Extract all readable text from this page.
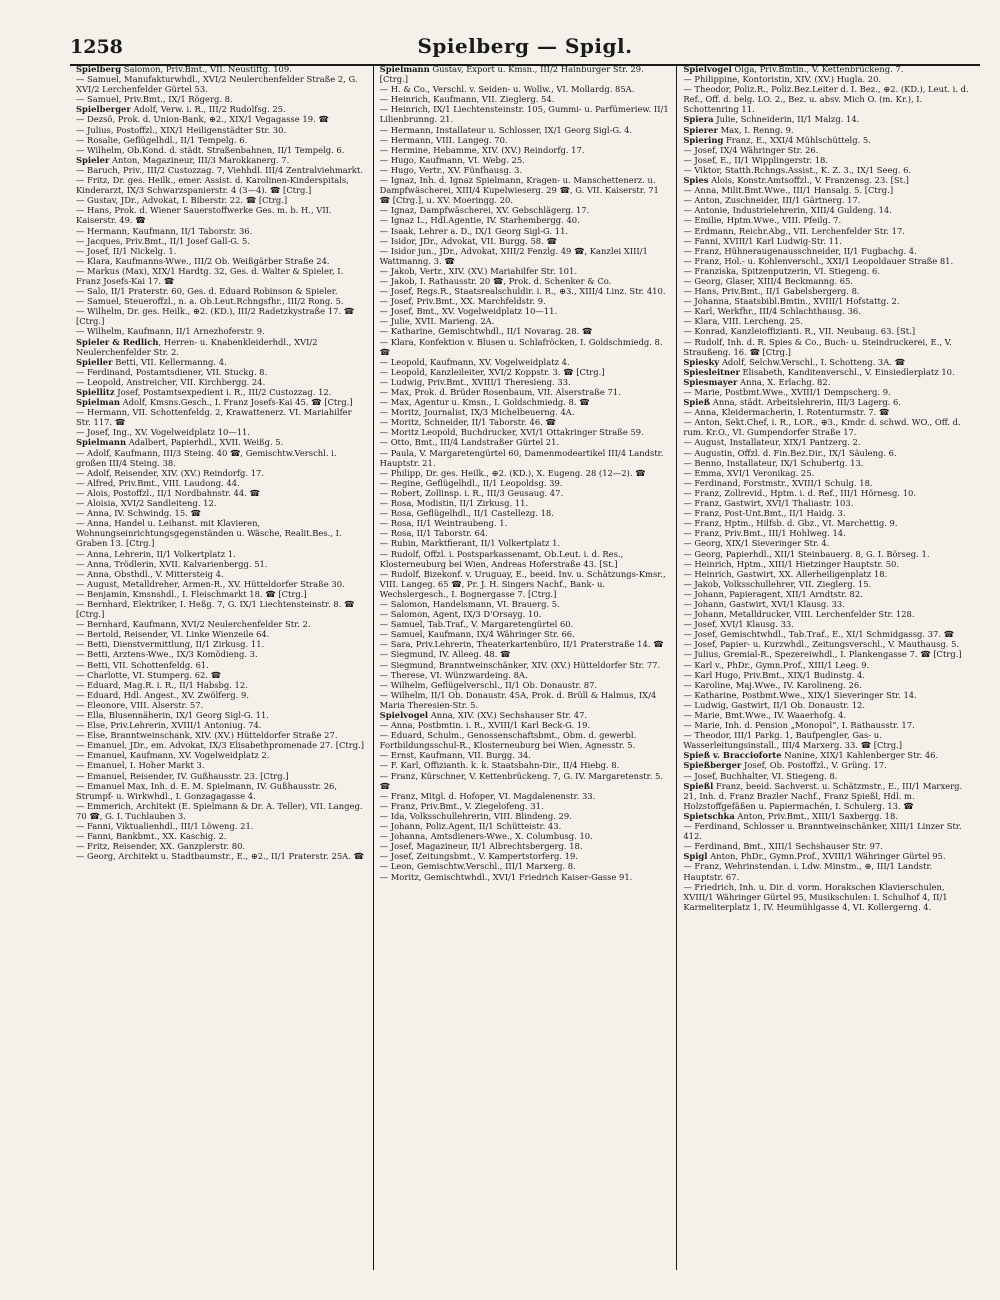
1258	Spielberg — Spigl.

Spielberg Salomon, Priv.Bmt., VII. Neustiftg. 109.

— Samuel, Manufakturwhdl., XVI/2 Neulerchenfelder Straße 2, G. XVI/2 Lerchenfelder Gürtel 53.

— Samuel, Priv.Bmt., IX/1 Rögerg. 8.

Spielberger Adolf, Verw. i. R., III/2 Rudolfsg. 25.

— Dezsö, Prok. d. Union-Bank, ⊕2., XIX/1 Vegagasse 19. ☎

— Julius, Postoffzl., XIX/1 Heiligenstädter Str. 30.

— Rosalie, Geflügelhdl., II/1 Tempelg. 6.

— Wilhelm, Ob.Kond. d. städt. Straßenbahnen, II/1 Tempelg. 6.

Spieler Anton, Magazineur, III/3 Marokkanerg. 7.

— Baruch, Priv., III/2 Custozzag. 7, Viehhdl. III/4 Zentralviehmarkt.

— Fritz, Dr. ges. Heilk., emer. Assist. d. Karolinen-Kinderspitals, Kinderarzt, IX/3 Schwarzspanierstr. 4 (3—4). ☎ [Ctrg.]

— Gustav, JDr., Advokat, I. Biberstr. 22. ☎ [Ctrg.]

— Hans, Prok. d. Wiener Sauerstoffwerke Ges. m. b. H., VII. Kaiserstr. 49. ☎

— Hermann, Kaufmann, II/1 Taborstr. 36.

— Jacques, Priv.Bmt., II/1 Josef Gall-G. 5.

— Josef, II/1 Nickelg. 1.

— Klara, Kaufmanns-Wwe., III/2 Ob. Weißgärber Straße 24.

— Markus (Max), XIX/1 Hardtg. 32, Ges. d. Walter & Spieler, I. Franz Josefs-Kai 17. ☎

— Salo, II/1 Praterstr. 60, Ges. d. Eduard Robinson & Spieler.

— Samuel, Steueroffzl., n. a. Ob.Leut.Rchngsfhr., III/2 Rong. 5.

— Wilhelm, Dr. ges. Heilk., ⊕2. (KD.), III/2 Radetzkystraße 17. ☎ [Ctrg.]

— Wilhelm, Kaufmann, II/1 Arnezhoferstr. 9.

Spieler & Redlich, Herren- u. Knabenkleiderhdl., XVI/2 Neulerchenfelder Str. 2.

Spieller Betti, VII. Kellermanng. 4.

— Ferdinand, Postamtsdiener, VII. Stuckg. 8.

— Leopold, Anstreicher, VII. Kirchbergg. 24.

Spiellitz Josef, Postamtsexpedient i. R., III/2 Custozzag. 12.

Spielman Adolf, Kmsns.Gesch., I. Franz Josefs-Kai 45. ☎ [Ctrg.]

— Hermann, VII. Schottenfeldg. 2, Krawattenerz. VI. Mariahilfer Str. 117. ☎

— Josef, Ing., XV. Vogelweidplatz 10—11.

Spielmann Adalbert, Papierhdl., XVII. Weißg. 5.

— Adolf, Kaufmann, III/3 Steing. 40 ☎, Gemischtw.Verschl. i. großen III/4 Steing. 38.

— Adolf, Reisender, XIV. (XV.) Reindorfg. 17.

— Alfred, Priv.Bmt., VIII. Laudong. 44.

— Alois, Postoffzl., II/1 Nordbahnstr. 44. ☎

— Aloisia, XVI/2 Sandleiteng. 12.

— Anna, IV. Schwindg. 15. ☎

— Anna, Handel u. Leihanst. mit Klavieren, Wohnungseinrichtungsgegenständen u. Wäsche, Realit.Bes., I. Graben 13. [Ctrg.]

— Anna, Lehrerin, II/1 Volkertplatz 1.

— Anna, Trödlerin, XVII. Kalvarienbergg. 51.

— Anna, Obsthdl., V. Mittersteig 4.

— August, Metalldreher, Armen-R., XV. Hütteldorfer Straße 30.

— Benjamin, Kmsnshdl., I. Fleischmarkt 18. ☎ [Ctrg.]

— Bernhard, Elektriker, I. Heßg. 7, G. IX/1 Liechtensteinstr. 8. ☎ [Ctrg.]

— Bernhard, Kaufmann, XVI/2 Neulerchenfelder Str. 2.

— Bertold, Reisender, VI. Linke Wienzeile 64.

— Betti, Dienstvermittlung, II/1 Zirkusg. 11.

— Betti, Arztens-Wwe., IX/3 Komödieng. 3.

— Betti, VII. Schottenfeldg. 61.

— Charlotte, VI. Stumperg. 62. ☎

— Eduard, Mag.R. i. R., II/1 Habsbg. 12.

— Eduard, Hdl. Angest., XV. Zwölferg. 9.

— Eleonore, VIII. Alserstr. 57.

— Ella, Blusennäherin, IX/1 Georg Sigl-G. 11.

— Else, Priv.Lehrerin, XVIII/1 Antoniug. 74.

— Else, Branntweinschank, XIV. (XV.) Hütteldorfer Straße 27.

— Emanuel, JDr., em. Advokat, IX/3 Elisabethpromenade 27. [Ctrg.]

— Emanuel, Kaufmann, XV. Vogelweidplatz 2.

— Emanuel, I. Hoher Markt 3.

— Emanuel, Reisender, IV. Gußhausstr. 23. [Ctrg.]

— Emanuel Max, Inh. d. E. M. Spielmann, IV. Gußhausstr. 26, Strumpf- u. Wirkwhdl., I. Gonzagagasse 4.

— Emmerich, Architekt (E. Spielmann & Dr. A. Teller), VII. Langeg. 70 ☎, G. I. Tuchlauben 3.

— Fanni, Viktualienhdl., III/1 Löweng. 21.

— Fanni, Bankbmt., XX. Kaschig. 2.

— Fritz, Reisender, XX. Ganzplerstr. 80.

— Georg, Architekt u. Stadtbaumstr., E., ⊕2., II/1 Praterstr. 25A. ☎

Spielmann Gustav, Export u. Kmsn., III/2 Hainburger Str. 29. [Ctrg.]

— H. & Co., Verschl. v. Seiden- u. Wollw., VI. Mollardg. 85A.

— Heinrich, Kaufmann, VII. Zieglerg. 54.

— Heinrich, IX/1 Liechtensteinstr. 105, Gummi- u. Parfümeriew. II/1 Lilienbrunng. 21.

— Hermann, Installateur u. Schlosser, IX/1 Georg Sigl-G. 4.

— Hermann, VIII. Langeg. 70.

— Hermine, Hebamme, XIV. (XV.) Reindorfg. 17.

— Hugo, Kaufmann, VI. Webg. 25.

— Hugo, Vertr., XV. Fünfhausg. 3.

— Ignaz, Inh. d. Ignaz Spielmann, Kragen- u. Manschettenerz. u. Dampfwäscherei, XIII/4 Kupelwieserg. 29 ☎, G. VII. Kaiserstr. 71 ☎ [Ctrg.], u. XV. Moeringg. 20.

— Ignaz, Dampfwäscherei, XV. Gebschlägerg. 17.

— Ignaz L., Hdl.Agentie, IV. Starhembergg. 40.

— Isaak, Lehrer a. D., IX/1 Georg Sigl-G. 11.

— Isidor, JDr., Advokat, VII. Burgg. 58. ☎

— Isidor jun., JDr., Advokat, XIII/2 Fenzlg. 49 ☎, Kanzlei XIII/1 Wattmanng. 3. ☎

— Jakob, Vertr., XIV. (XV.) Mariahilfer Str. 101.

— Jakob, I. Rathausstr. 20 ☎, Prok. d. Schenker & Co.

— Josef, Regs.R., Staatsrealschuldir. i. R., ⊕3., XIII/4 Linz. Str. 410.

— Josef, Priv.Bmt., XX. Marchfeldstr. 9.

— Josef, Bmt., XV. Vogelweidplatz 10—11.

— Julie, XVII. Marieng. 2A.

— Katharine, Gemischtwhdl., II/1 Novarag. 28. ☎

— Klara, Konfektion v. Blusen u. Schlafröcken, I. Goldschmiedg. 8. ☎

— Leopold, Kaufmann, XV. Vogelweidplatz 4.

— Leopold, Kanzleileiter, XVI/2 Koppstr. 3. ☎ [Ctrg.]

— Ludwig, Priv.Bmt., XVIII/1 Theresieng. 33.

— Max, Prok. d. Brüder Rosenbaum, VII. Alserstraße 71.

— Max, Agentur u. Kmsn., I. Goldschmiedg. 8. ☎

— Moritz, Journalist, IX/3 Michelbeuerng. 4A.

— Moritz, Schneider, II/1 Taborstr. 46. ☎

— Moritz Leopold, Buchdrucker, XVI/1 Ottakringer Straße 59.

— Otto, Bmt., III/4 Landstraßer Gürtel 21.

— Paula, V. Margaretengürtel 60, Damenmodeartikel III/4 Landstr. Hauptstr. 21.

— Philipp, Dr. ges. Heilk., ⊕2. (KD.), X. Eugeng. 28 (12—2). ☎

— Regine, Geflügelhdl., II/1 Leopoldsg. 39.

— Robert, Zollinsp. i. R., III/3 Geusaug. 47.

— Rosa, Modistin, II/1 Zirkusg. 11.

— Rosa, Geflügelhdl., II/1 Castellezg. 18.

— Rosa, II/1 Weintraubeng. 1.

— Rosa, II/1 Taborstr. 64.

— Rubin, Marktfierant, II/1 Volkertplatz 1.

— Rudolf, Offzl. i. Postsparkassenamt, Ob.Leut. i. d. Res., Klosterneuburg bei Wien, Andreas Hoferstraße 43. [St.]

— Rudolf, Bizekonf. v. Uruguay, E., beeid. Inv. u. Schätzungs-Kmsr., VIII. Langeg. 65 ☎, Pr. J. H. Singers Nachf., Bank- u. Wechslergesch., I. Bognergasse 7. [Ctrg.]

— Salomon, Handelsmann, VI. Brauerg. 5.

— Salomon, Agent, IX/3 D'Orsayg. 10.

— Samuel, Tab.Traf., V. Margaretengürtel 60.

— Samuel, Kaufmann, IX/4 Währinger Str. 66.

— Sara, Priv.Lehrerin, Theaterkartenbüro, II/1 Praterstraße 14. ☎

— Siegmund, IV. Alleeg. 48. ☎

— Siegmund, Branntweinschänker, XIV. (XV.) Hütteldorfer Str. 77.

— Therese, VI. Wünzwardeing. 8A.

— Wilhelm, Geflügelverschl., II/1 Ob. Donaustr. 87.

— Wilhelm, II/1 Ob. Donaustr. 45A, Prok. d. Brüll & Halmus, IX/4 Maria Theresien-Str. 5.

Spielvogel Anna, XIV. (XV.) Sechshauser Str. 47.

— Anna, Postbmtin. i. R., XVIII/1 Karl Beck-G. 19.

— Eduard, Schulm., Genossenschaftsbmt., Obm. d. gewerbl. Fortbildungsschul-R., Klosterneuburg bei Wien, Agnesstr. 5.

— Ernst, Kaufmann, VII. Burgg. 34.

— F. Karl, Offizianth. k. k. Staatsbahn-Dir., II/4 Hiebg. 8.

— Franz, Kürschner, V. Kettenbrückeng. 7, G. IV. Margaretenstr. 5. ☎

— Franz, Mitgl. d. Hofoper, VI. Magdalenenstr. 33.

— Franz, Priv.Bmt., V. Ziegelofeng. 31.

— Ida, Volksschullehrerin, VIII. Blindeng. 29.

— Johann, Poliz.Agent, II/1 Schütteistr. 43.

— Johanna, Amtsdieners-Wwe., X. Columbusg. 10.

— Josef, Magazineur, II/1 Albrechtsbergerg. 18.

— Josef, Zeitungsbmt., V. Kampertstorferg. 19.

— Leon, Gemischtw.Verschl., III/1 Marxerg. 8.

— Moritz, Gemischtwhdl., XVI/1 Friedrich Kaiser-Gasse 91.

Spielvogel Olga, Priv.Bmtin., V. Kettenbrückeng. 7.

— Philippine, Kontoristin, XIV. (XV.) Hugla. 20.

— Theodor, Poliz.R., Poliz.Bez.Leiter d. I. Bez., ⊕2. (KD.), Leut. i. d. Ref., Off. d. belg. LO. 2., Bez. u. absv. Mich O. (m. Kr.), I. Schottenring 11.

Spiera Julie, Schneiderin, II/1 Malzg. 14.

Spierer Max, I. Renng. 9.

Spiering Franz, E., XXI/4 Mühlschüttelg. 5.

— Josef, IX/4 Währinger Str. 26.

— Josef, E., II/1 Wipplingerstr. 18.

— Viktor, Statth.Rchngs.Assist., K. Z. 3., IX/1 Seeg. 6.

Spies Alois, Konstr.Amtsoffzl., V. Franzensg. 23. [St.]

— Anna, Milit.Bmt.Wwe., III/1 Hansalg. 5. [Ctrg.]

— Anton, Zuschneider, III/1 Gärtnerg. 17.

— Antonie, Industrielehrerin, XIII/4 Guldeng. 14.

— Emilie, Hptm.Wwe., VIII. Pfeilg. 7.

— Erdmann, Reichr.Abg., VII. Lerchenfelder Str. 17.

— Fanni, XVIII/1 Karl Ludwig-Str. 11.

— Franz, Hühneraugenausschneider, II/1 Fugbachg. 4.

— Franz, Hol.- u. Kohlenverschl., XXI/1 Leopoldauer Straße 81.

— Franziska, Spitzenputzerin, VI. Stiegeng. 6.

— Georg, Glaser, XIII/4 Beckmanng. 65.

— Hans, Priv.Bmt., II/1 Gabelsbergerg. 8.

— Johanna, Staatsbibl.Bmtin., XVIII/1 Hofstattg. 2.

— Karl, Werkfhr., III/4 Schlachthausg. 36.

— Klara, VIII. Lercheng. 25.

— Konrad, Kanzleioffizianti. R., VII. Neubaug. 63. [St.]

— Rudolf, Inh. d. R. Spies & Co., Buch- u. Steindruckerei, E., V. Straußeng. 16. ☎ [Ctrg.]

Spiesky Adolf, Selchw.Verschl., I. Schotteng. 3A. ☎

Spiesleitner Elisabeth, Kanditenverschl., V. Einsiedlerplatz 10.

Spiesmayer Anna, X. Erlachg. 82.

— Marie, Postbmt.Wwe., XVIII/1 Dempscherg. 9.

Spieß Anna, städt. Arbeitslehrerin, III/3 Lagerg. 6.

— Anna, Kleidermacherin, I. Rotenturmstr. 7. ☎

— Anton, Sekt.Chef, i. R., LOR., ⊕3., Kmdr. d. schwd. WO., Off. d. rum. Kr.O., VI. Gumpendorfer Straße 17.

— August, Installateur, XIX/1 Pantzerg. 2.

— Augustin, Offzl. d. Fin.Bez.Dir., IX/1 Säuleng. 6.

— Benno, Installateur, IX/1 Schubertg. 13.

— Emma, XVI/1 Veronikag. 25.

— Ferdinand, Forstmstr., XVIII/1 Schulg. 18.

— Franz, Zollrevid., Hptm. i. d. Ref., III/1 Hörnesg. 10.

— Franz, Gastwirt, XVI/1 Thaliastr. 103.

— Franz, Post-Unt.Bmt., II/1 Haidg. 3.

— Franz, Hptm., Hilfsb. d. Gbz., VI. Marchettig. 9.

— Franz, Priv.Bmt., III/1 Hohlweg. 14.

— Georg, XIX/1 Sieveringer Str. 4.

— Georg, Papierhdl., XII/1 Steinbauerg. 8, G. I. Börseg. 1.

— Heinrich, Hptm., XIII/1 Hietzinger Hauptstr. 50.

— Heinrich, Gastwirt, XX. Allerheiligenplatz 18.

— Jakob, Volksschullehrer, VII. Zieglerg. 15.

— Johann, Papieragent, XII/1 Arndtstr. 82.

— Johann, Gastwirt, XVI/1 Klausg. 33.

— Johann, Metalldrucker, VIII. Lerchenfelder Str. 128.

— Josef, XVI/1 Klausg. 33.

— Josef, Gemischtwhdl., Tab.Traf., E., XI/1 Schmidgassg. 37. ☎

— Josef, Papier- u. Kurzwhdl., Zeitungsverschl., V. Mauthausg. 5.

— Julius, Gremial-R., Spezereiwhdl., I. Plankengasse 7. ☎ [Ctrg.]

— Karl v., PhDr., Gymn.Prof., XIII/1 Leeg. 9.

— Karl Hugo, Priv.Bmt., XIX/1 Budinstg. 4.

— Karoline, Maj.Wwe., IV. Karolineng. 26.

— Katharine, Postbmt.Wwe., XIX/1 Sieveringer Str. 14.

— Ludwig, Gastwirt, II/1 Ob. Donaustr. 12.

— Marie, Bmt.Wwe., IV. Waaerhofg. 4.

— Marie, Inh. d. Pension „Monopol“, I. Rathausstr. 17.

— Theodor, III/1 Parkg. 1, Baufpengler, Gas- u. Wasserleitungsinstall., III/4 Marxerg. 33. ☎ [Ctrg.]

Spieß v. Braccioforte Nanine, XIX/1 Kahlenberger Str. 46.

Spießberger Josef, Ob. Postoffzl., V. Grüng. 17.

— Josef, Buchhalter, VI. Stiegeng. 8.

Spießl Franz, beeid. Sachverst. u. Schätzmstr., E., III/1 Marxerg. 21, Inh. d. Franz Brazler Nachf., Franz Spießl, Hdl. m. Holzstoffgefäßen u. Papiermachén, I. Schulerg. 13. ☎

Spietschka Anton, Priv.Bmt., XIII/1 Saxbergg. 18.

— Ferdinand, Schlosser u. Branntweinschänker, XIII/1 Linzer Str. 412.

— Ferdinand, Bmt., XIII/1 Sechshauser Str. 97.

Spigl Anton, PhDr., Gymn.Prof., XVIII/1 Währinger Gürtel 95.

— Franz, Wehrinstendan. i. Ldw. Minstm., ⊕, III/1 Landstr. Hauptstr. 67.

— Friedrich, Inh. u. Dir. d. vorm. Horakschen Klavierschulen, XVIII/1 Währinger Gürtel 95, Musikschulen: I. Schulhof 4, II/1 Karmeliterplatz 1, IV. Heumühlgasse 4, VI. Kollergerng. 4.
